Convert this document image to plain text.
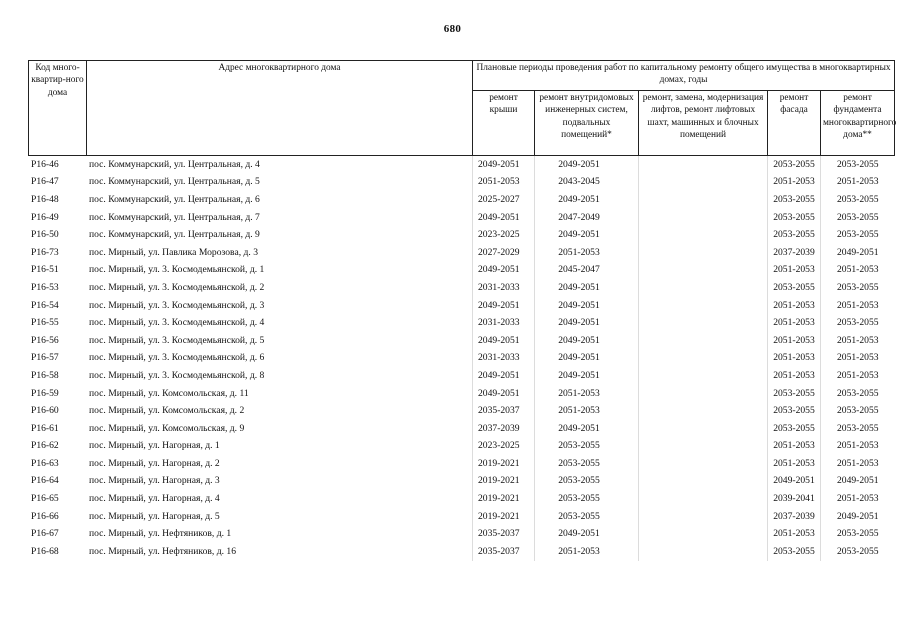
680
Код много-квартир-ного дома	Адрес многоквартирного дома	Плановые периоды проведения работ по капитальному ремонту общего имущества в многоквартирных домах, годы				
		ремонт крыши	ремонт внутридомовых инженерных систем, подвальных помещений*	ремонт, замена, модернизация лифтов, ремонт лифтовых шахт, машинных и блочных помещений	ремонт фасада	ремонт фундамента многоквартирного дома**
P16-46	пос. Коммунарский, ул. Центральная, д. 4	2049-2051	2049-2051		2053-2055	2053-2055
P16-47	пос. Коммунарский, ул. Центральная, д. 5	2051-2053	2043-2045		2051-2053	2051-2053
P16-48	пос. Коммунарский, ул. Центральная, д. 6	2025-2027	2049-2051		2053-2055	2053-2055
P16-49	пос. Коммунарский, ул. Центральная, д. 7	2049-2051	2047-2049		2053-2055	2053-2055
P16-50	пос. Коммунарский, ул. Центральная, д. 9	2023-2025	2049-2051		2053-2055	2053-2055
P16-73	пос. Мирный, ул. Павлика Морозова, д. 3	2027-2029	2051-2053		2037-2039	2049-2051
P16-51	пос. Мирный, ул. 3. Космодемьянской, д. 1	2049-2051	2045-2047		2051-2053	2051-2053
P16-53	пос. Мирный, ул. 3. Космодемьянской, д. 2	2031-2033	2049-2051		2053-2055	2053-2055
P16-54	пос. Мирный, ул. 3. Космодемьянской, д. 3	2049-2051	2049-2051		2051-2053	2051-2053
P16-55	пос. Мирный, ул. 3. Космодемьянской, д. 4	2031-2033	2049-2051		2051-2053	2053-2055
P16-56	пос. Мирный, ул. 3. Космодемьянской, д. 5	2049-2051	2049-2051		2051-2053	2051-2053
P16-57	пос. Мирный, ул. 3. Космодемьянской, д. 6	2031-2033	2049-2051		2051-2053	2051-2053
P16-58	пос. Мирный, ул. 3. Космодемьянской, д. 8	2049-2051	2049-2051		2051-2053	2051-2053
P16-59	пос. Мирный, ул. Комсомольская, д. 11	2049-2051	2051-2053		2053-2055	2053-2055
P16-60	пос. Мирный, ул. Комсомольская, д. 2	2035-2037	2051-2053		2053-2055	2053-2055
P16-61	пос. Мирный, ул. Комсомольская, д. 9	2037-2039	2049-2051		2053-2055	2053-2055
P16-62	пос. Мирный, ул. Нагорная, д. 1	2023-2025	2053-2055		2051-2053	2051-2053
P16-63	пос. Мирный, ул. Нагорная, д. 2	2019-2021	2053-2055		2051-2053	2051-2053
P16-64	пос. Мирный, ул. Нагорная, д. 3	2019-2021	2053-2055		2049-2051	2049-2051
P16-65	пос. Мирный, ул. Нагорная, д. 4	2019-2021	2053-2055		2039-2041	2051-2053
P16-66	пос. Мирный, ул. Нагорная, д. 5	2019-2021	2053-2055		2037-2039	2049-2051
P16-67	пос. Мирный, ул. Нефтяников, д. 1	2035-2037	2049-2051		2051-2053	2053-2055
P16-68	пос. Мирный, ул. Нефтяников, д. 16	2035-2037	2051-2053		2053-2055	2053-2055
